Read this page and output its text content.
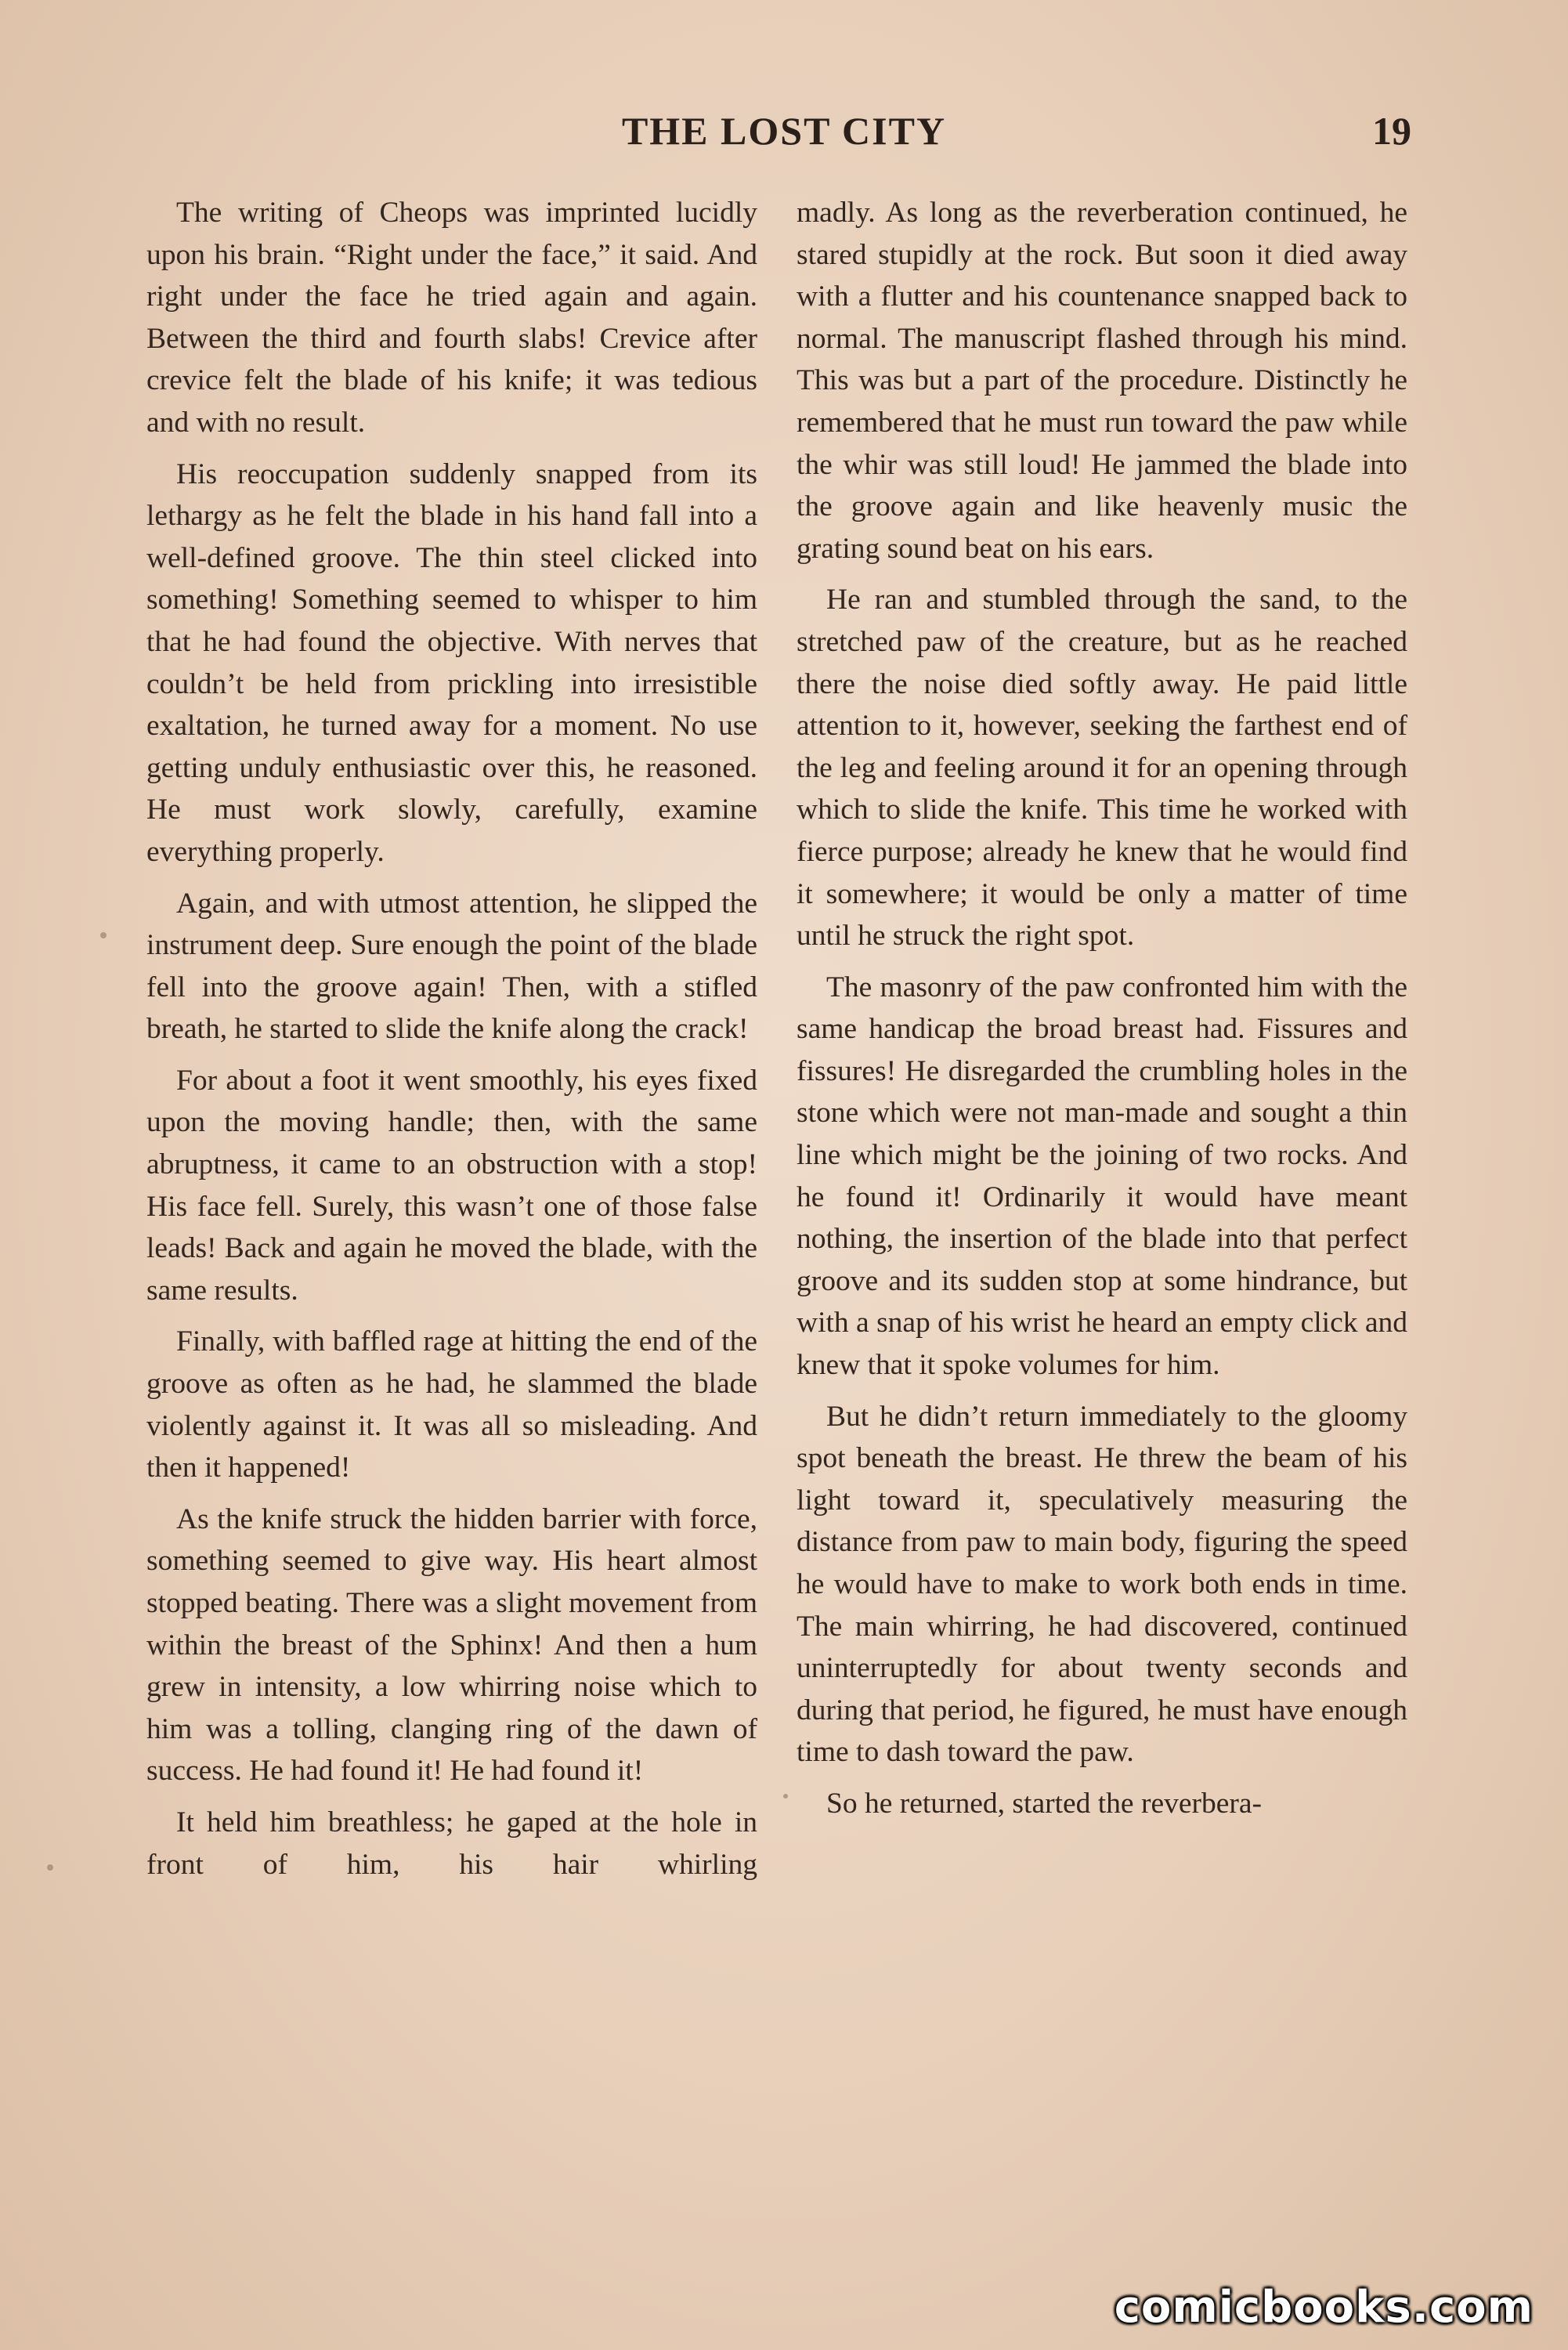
THE LOST CITY	19

The writing of Cheops was imprinted lucidly upon his brain. “Right under the face,” it said. And right under the face he tried again and again. Between the third and fourth slabs! Crevice after crevice felt the blade of his knife; it was tedious and with no result.

His reoccupation suddenly snapped from its lethargy as he felt the blade in his hand fall into a well-defined groove. The thin steel clicked into something! Something seemed to whisper to him that he had found the objective. With nerves that couldn’t be held from prickling into irresistible exaltation, he turned away for a moment. No use getting unduly enthusiastic over this, he reasoned. He must work slowly, carefully, examine everything properly.

Again, and with utmost attention, he slipped the instrument deep. Sure enough the point of the blade fell into the groove again! Then, with a stifled breath, he started to slide the knife along the crack!

For about a foot it went smoothly, his eyes fixed upon the moving handle; then, with the same abruptness, it came to an obstruction with a stop! His face fell. Surely, this wasn’t one of those false leads! Back and again he moved the blade, with the same results.

Finally, with baffled rage at hitting the end of the groove as often as he had, he slammed the blade violently against it. It was all so misleading. And then it happened!

As the knife struck the hidden barrier with force, something seemed to give way. His heart almost stopped beating. There was a slight movement from within the breast of the Sphinx! And then a hum grew in intensity, a low whirring noise which to him was a tolling, clanging ring of the dawn of success. He had found it! He had found it!

It held him breathless; he gaped at the hole in front of him, his hair whirling

madly. As long as the reverberation continued, he stared stupidly at the rock. But soon it died away with a flutter and his countenance snapped back to normal. The manuscript flashed through his mind. This was but a part of the procedure. Distinctly he remembered that he must run toward the paw while the whir was still loud! He jammed the blade into the groove again and like heavenly music the grating sound beat on his ears.

He ran and stumbled through the sand, to the stretched paw of the creature, but as he reached there the noise died softly away. He paid little attention to it, however, seeking the farthest end of the leg and feeling around it for an opening through which to slide the knife. This time he worked with fierce purpose; already he knew that he would find it somewhere; it would be only a matter of time until he struck the right spot.

The masonry of the paw confronted him with the same handicap the broad breast had. Fissures and fissures! He disregarded the crumbling holes in the stone which were not man-made and sought a thin line which might be the joining of two rocks. And he found it! Ordinarily it would have meant nothing, the insertion of the blade into that perfect groove and its sudden stop at some hindrance, but with a snap of his wrist he heard an empty click and knew that it spoke volumes for him.

But he didn’t return immediately to the gloomy spot beneath the breast. He threw the beam of his light toward it, speculatively measuring the distance from paw to main body, figuring the speed he would have to make to work both ends in time. The main whirring, he had discovered, continued uninterruptedly for about twenty seconds and during that period, he figured, he must have enough time to dash toward the paw.

So he returned, started the reverbera-

comicbooks.com
